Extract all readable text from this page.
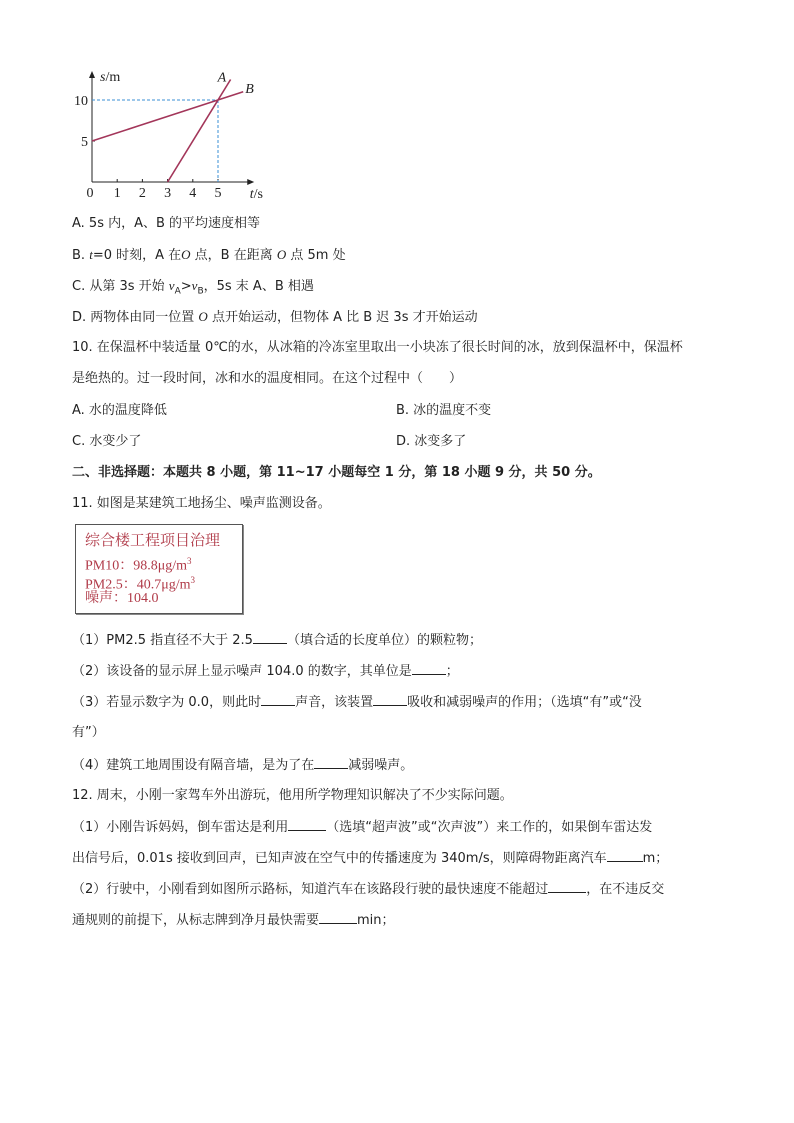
0 1 2 3 4 5
5
10
s/m
t/s
A
B
A. 5s 内，A、B 的平均速度相等
B. t=0 时刻，A 在O 点，B 在距离 O 点 5m 处
C. 从第 3s 开始 $v_A>v_B$，5s 末 A、B 相遇
D. 两物体由同一位置 O 点开始运动，但物体 A 比 B 迟 3s 才开始运动
10. 在保温杯中装适量 0℃的水，从冰箱的冷冻室里取出一小块冻了很长时间的冰，放到保温杯中，保温杯
是绝热的。过一段时间，冰和水的温度相同。在这个过程中（　　）
A. 水的温度降低	B. 冰的温度不变
C. 水变少了	D. 冰变多了
二、非选择题：本题共 8 小题，第 11~17 小题每空 1 分，第 18 小题 9 分，共 50 分。
11. 如图是某建筑工地扬尘、噪声监测设备。
综合楼工程项目治理
PM10：$98.8\mu g/m^3$
PM2.5：$40.7\mu g/m^3$
噪声：104.0
（1）PM2.5 指直径不大于 2.5	（填合适的长度单位）的颗粒物；
（2）该设备的显示屏上显示噪声 104.0 的数字，其单位是	；
（3）若显示数字为 0.0，则此时	声音，该装置	吸收和减弱噪声的作用；（选填“有”或“没
有”）
（4）建筑工地周围设有隔音墙，是为了在	减弱噪声。
12. 周末，小刚一家驾车外出游玩，他用所学物理知识解决了不少实际问题。
（1）小刚告诉妈妈，倒车雷达是利用	（选填“超声波”或“次声波”）来工作的，如果倒车雷达发
出信号后，0.01s 接收到回声，已知声波在空气中的传播速度为 340m/s，则障碍物距离汽车	m；
（2）行驶中，小刚看到如图所示路标，知道汽车在该路段行驶的最快速度不能超过	，在不违反交
通规则的前提下，从标志牌到净月最快需要	min；
